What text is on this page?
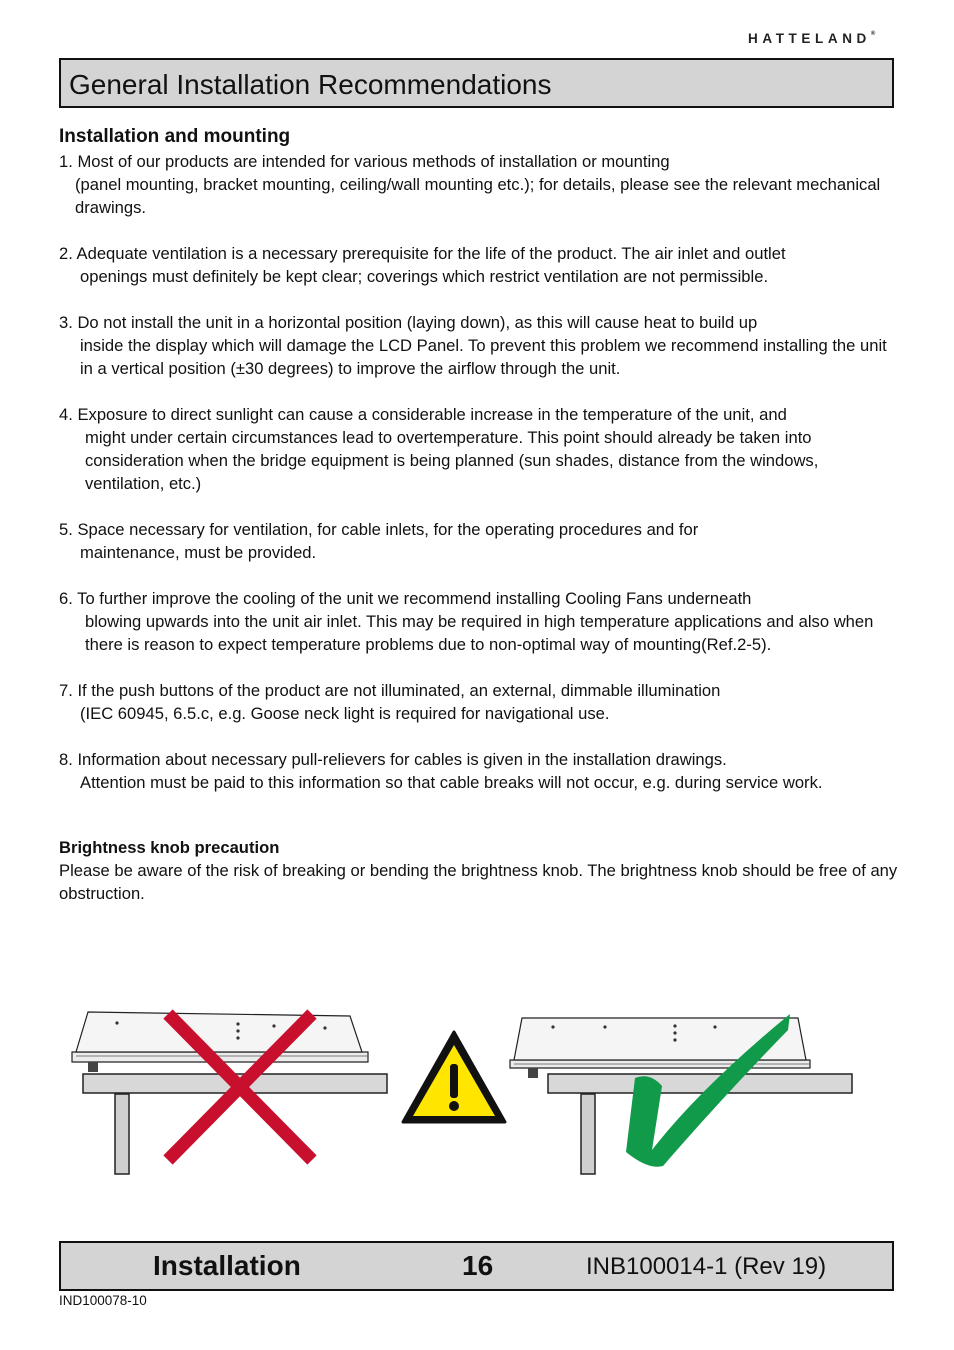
HATTELAND®
General Installation Recommendations
Installation and mounting
1. Most of our products are intended for various methods of installation or mounting
(panel mounting, bracket mounting, ceiling/wall mounting etc.); for details, please see the relevant mechanical drawings.
2. Adequate ventilation is a necessary prerequisite for the life of the product. The air inlet and outlet
openings must definitely be kept clear; coverings which restrict ventilation are not permissible.
3. Do not install the unit in a horizontal position (laying down), as this will cause heat to build up
inside the display which will damage the LCD Panel. To prevent this problem we recommend installing the unit in a vertical position (±30 degrees) to improve the airflow through the unit.
4. Exposure to direct sunlight can cause a considerable increase in the temperature of the unit, and
might under certain circumstances lead to overtemperature. This point should already be taken into consideration when the bridge equipment is being planned (sun shades, distance from the windows, ventilation, etc.)
5. Space necessary for ventilation, for cable inlets, for the operating procedures and for
maintenance, must be provided.
6. To further improve the cooling of the unit we recommend installing Cooling Fans underneath
blowing upwards into the unit air inlet. This may be required in high temperature applications and also when there is reason to expect temperature problems due to non-optimal way of mounting(Ref.2-5).
7. If the push buttons of the product are not illuminated, an external, dimmable illumination
(IEC 60945, 6.5.c, e.g. Goose neck light is required for navigational use.
8. Information about necessary pull-relievers for cables is given in the installation drawings.
Attention must be paid to this information so that cable breaks will not occur, e.g. during service work.
Brightness knob precaution

Please be aware of the risk of breaking or bending the brightness knob. The brightness knob should be free of any obstruction.

Installation	16	INB100014-1 (Rev 19)
IND100078-10
